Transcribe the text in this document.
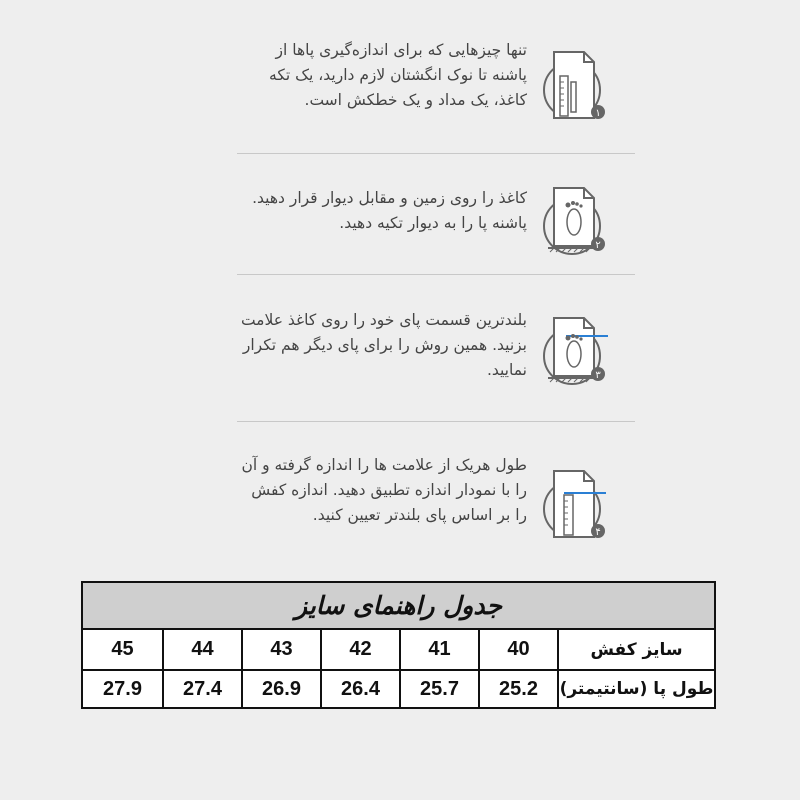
تنها چیزهایی که برای اندازه‌گیری پاها از پاشنه تا نوک انگشتان لازم دارید، یک تکه کاغذ، یک مداد و یک خطکش است.
۱
کاغذ را روی زمین و مقابل دیوار قرار دهید. پاشنه پا را به دیوار تکیه دهید.
۲
بلندترین قسمت پای خود را روی کاغذ علامت بزنید. همین روش را برای پای دیگر هم تکرار نمایید.	۳
طول هریک از علامت ها را اندازه گرفته و آن را با نمودار اندازه تطبیق دهید. اندازه کفش را بر اساس پای بلندتر تعیین کنید.
۴
جدول راهنمای سایز
سایز کفش
40
41
42
43
44
45
طول پا (سانتیمتر)
25.2
25.7
26.4
26.9
27.4
27.9
